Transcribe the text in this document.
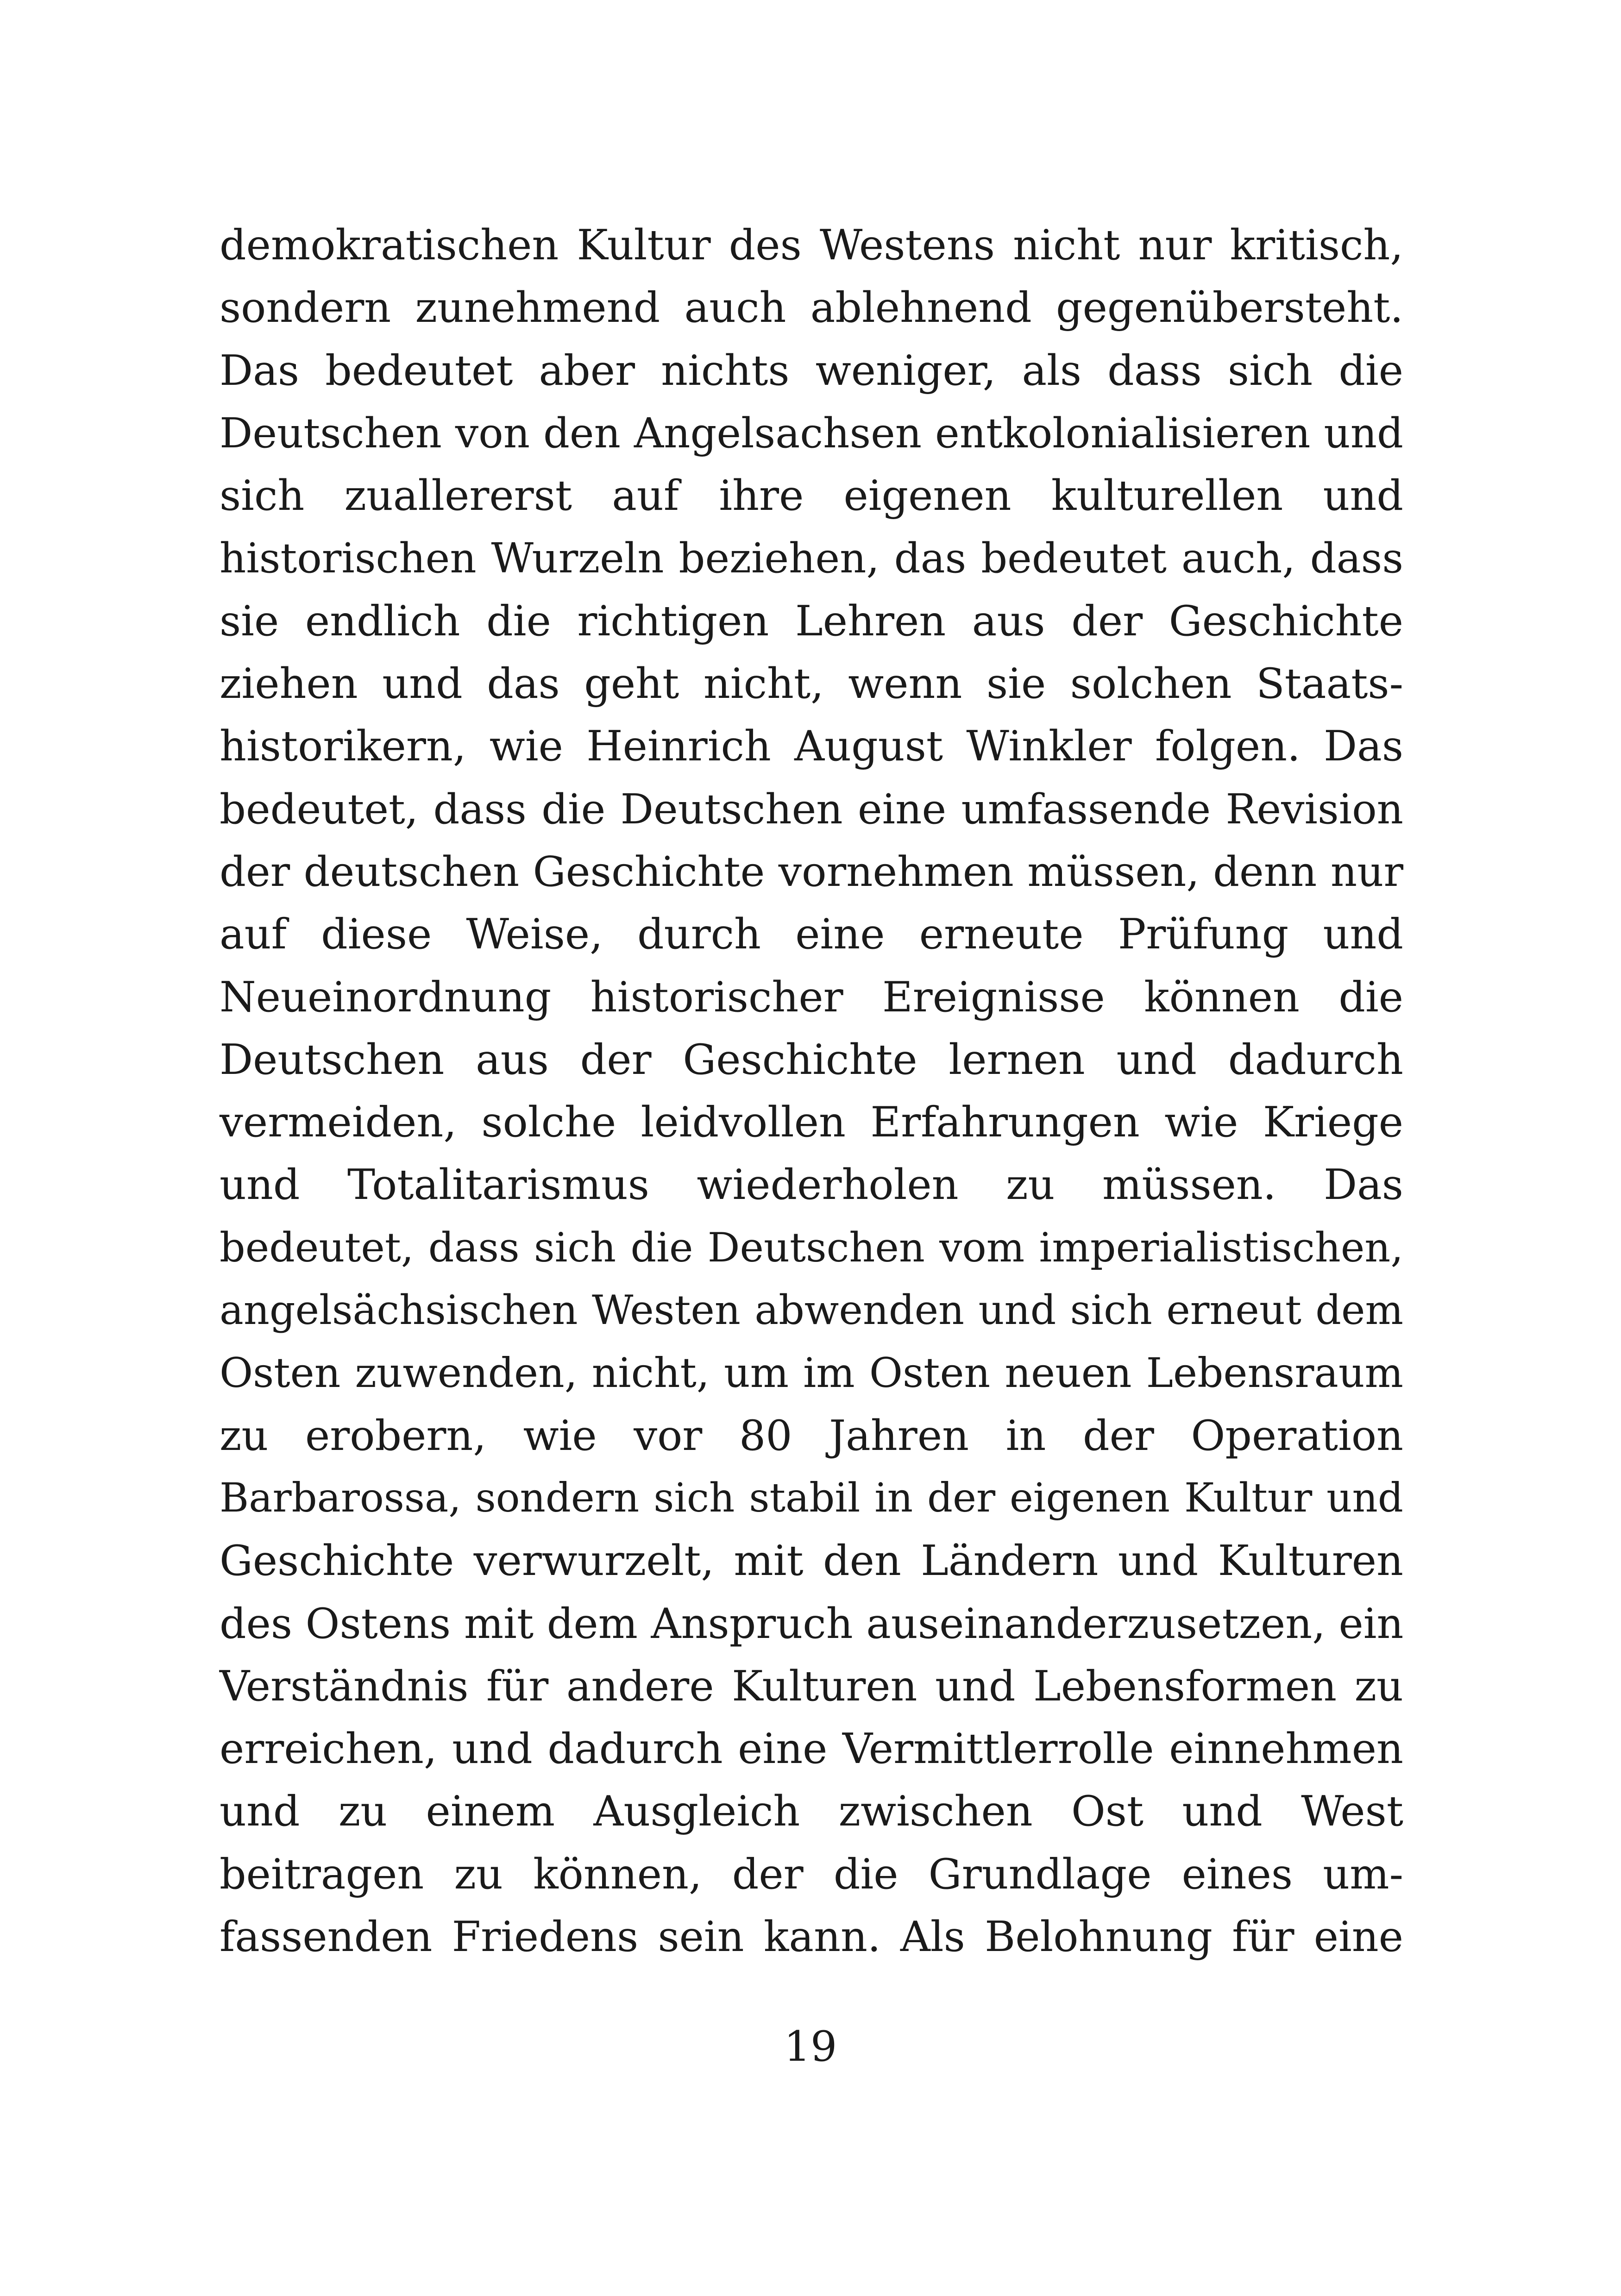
demokratischen Kultur des Westens nicht nur kritisch,
sondern zunehmend auch ablehnend gegenübersteht.
Das bedeutet aber nichts weniger, als dass sich die
Deutschen von den Angelsachsen entkolonialisieren und
sich zuallererst auf ihre eigenen kulturellen und
historischen Wurzeln beziehen, das bedeutet auch, dass
sie endlich die richtigen Lehren aus der Geschichte
ziehen und das geht nicht, wenn sie solchen Staats-
historikern, wie Heinrich August Winkler folgen. Das
bedeutet, dass die Deutschen eine umfassende Revision
der deutschen Geschichte vornehmen müssen, denn nur
auf diese Weise, durch eine erneute Prüfung und
Neueinordnung historischer Ereignisse können die
Deutschen aus der Geschichte lernen und dadurch
vermeiden, solche leidvollen Erfahrungen wie Kriege
und Totalitarismus wiederholen zu müssen. Das
bedeutet, dass sich die Deutschen vom imperialistischen,
angelsächsischen Westen abwenden und sich erneut dem
Osten zuwenden, nicht, um im Osten neuen Lebensraum
zu erobern, wie vor 80 Jahren in der Operation
Barbarossa, sondern sich stabil in der eigenen Kultur und
Geschichte verwurzelt, mit den Ländern und Kulturen
des Ostens mit dem Anspruch auseinanderzusetzen, ein
Verständnis für andere Kulturen und Lebensformen zu
erreichen, und dadurch eine Vermittlerrolle einnehmen
und zu einem Ausgleich zwischen Ost und West
beitragen zu können, der die Grundlage eines um-
fassenden Friedens sein kann. Als Belohnung für eine
19
